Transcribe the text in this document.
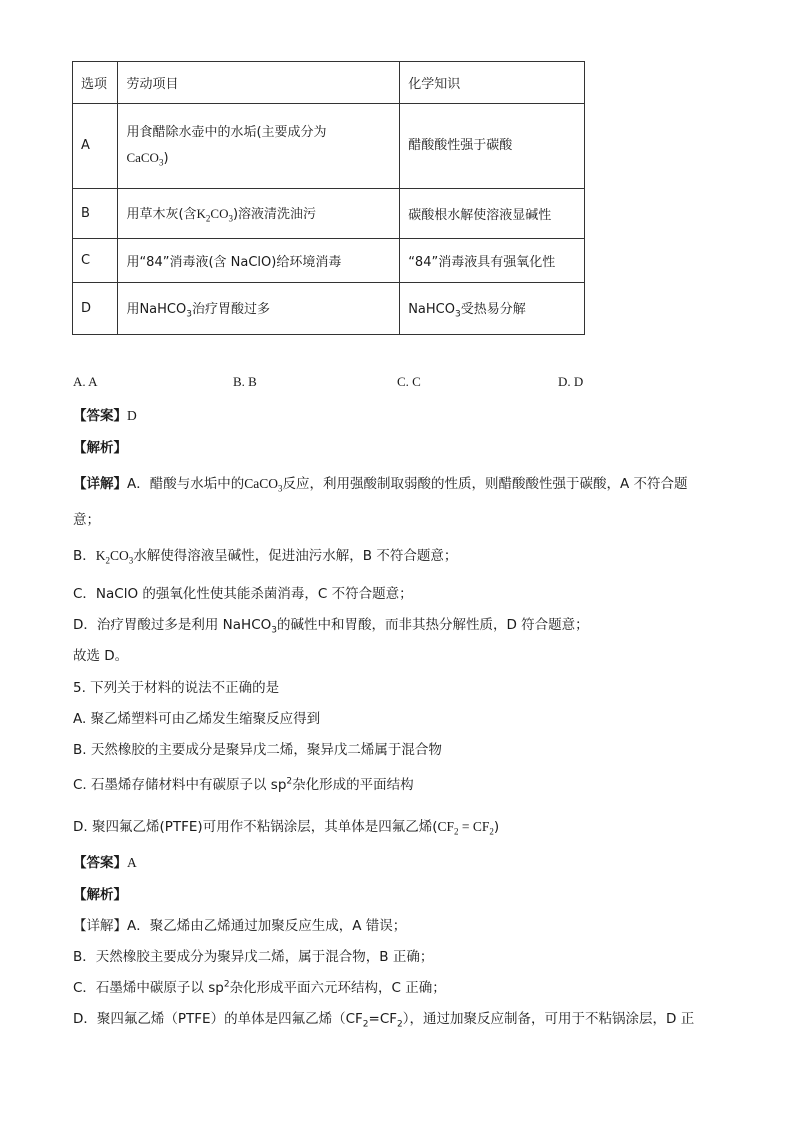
选项	劳动项目	化学知识
A	用食醋除水壶中的水垢(主要成分为
CaCO$_3$)	醋酸酸性强于碳酸
B	用草木灰(含$K_2CO_3$)溶液清洗油污	碳酸根水解使溶液显碱性
C	用“84”消毒液(含 NaClO)给环境消毒	“84”消毒液具有强氧化性
D	用NaHCO$_3$治疗胃酸过多	NaHCO$_3$受热易分解
A. A	B. B	C. C	D. D
【答案】D
【解析】
【详解】A．醋酸与水垢中的CaCO$_3$反应，利用强酸制取弱酸的性质，则醋酸酸性强于碳酸，A 不符合题
意；
B．$K_2CO_3$水解使得溶液呈碱性，促进油污水解，B 不符合题意；
C．NaClO 的强氧化性使其能杀菌消毒，C 不符合题意；
D．治疗胃酸过多是利用 NaHCO$_3$的碱性中和胃酸，而非其热分解性质，D 符合题意；
故选 D。
5. 下列关于材料的说法不正确的是
A. 聚乙烯塑料可由乙烯发生缩聚反应得到
B. 天然橡胶的主要成分是聚异戊二烯，聚异戊二烯属于混合物
C. 石墨烯存储材料中有碳原子以 $sp^2$杂化形成的平面结构
D. 聚四氟乙烯(PTFE)可用作不粘锅涂层，其单体是四氟乙烯$(CF_2 = CF_2)$
【答案】A
【解析】
【详解】A．聚乙烯由乙烯通过加聚反应生成，A 错误；
B．天然橡胶主要成分为聚异戊二烯，属于混合物，B 正确；
C．石墨烯中碳原子以 $sp^2$杂化形成平面六元环结构，C 正确；
D．聚四氟乙烯（PTFE）的单体是四氟乙烯$(CF_2=CF_2)$，通过加聚反应制备，可用于不粘锅涂层，D 正
